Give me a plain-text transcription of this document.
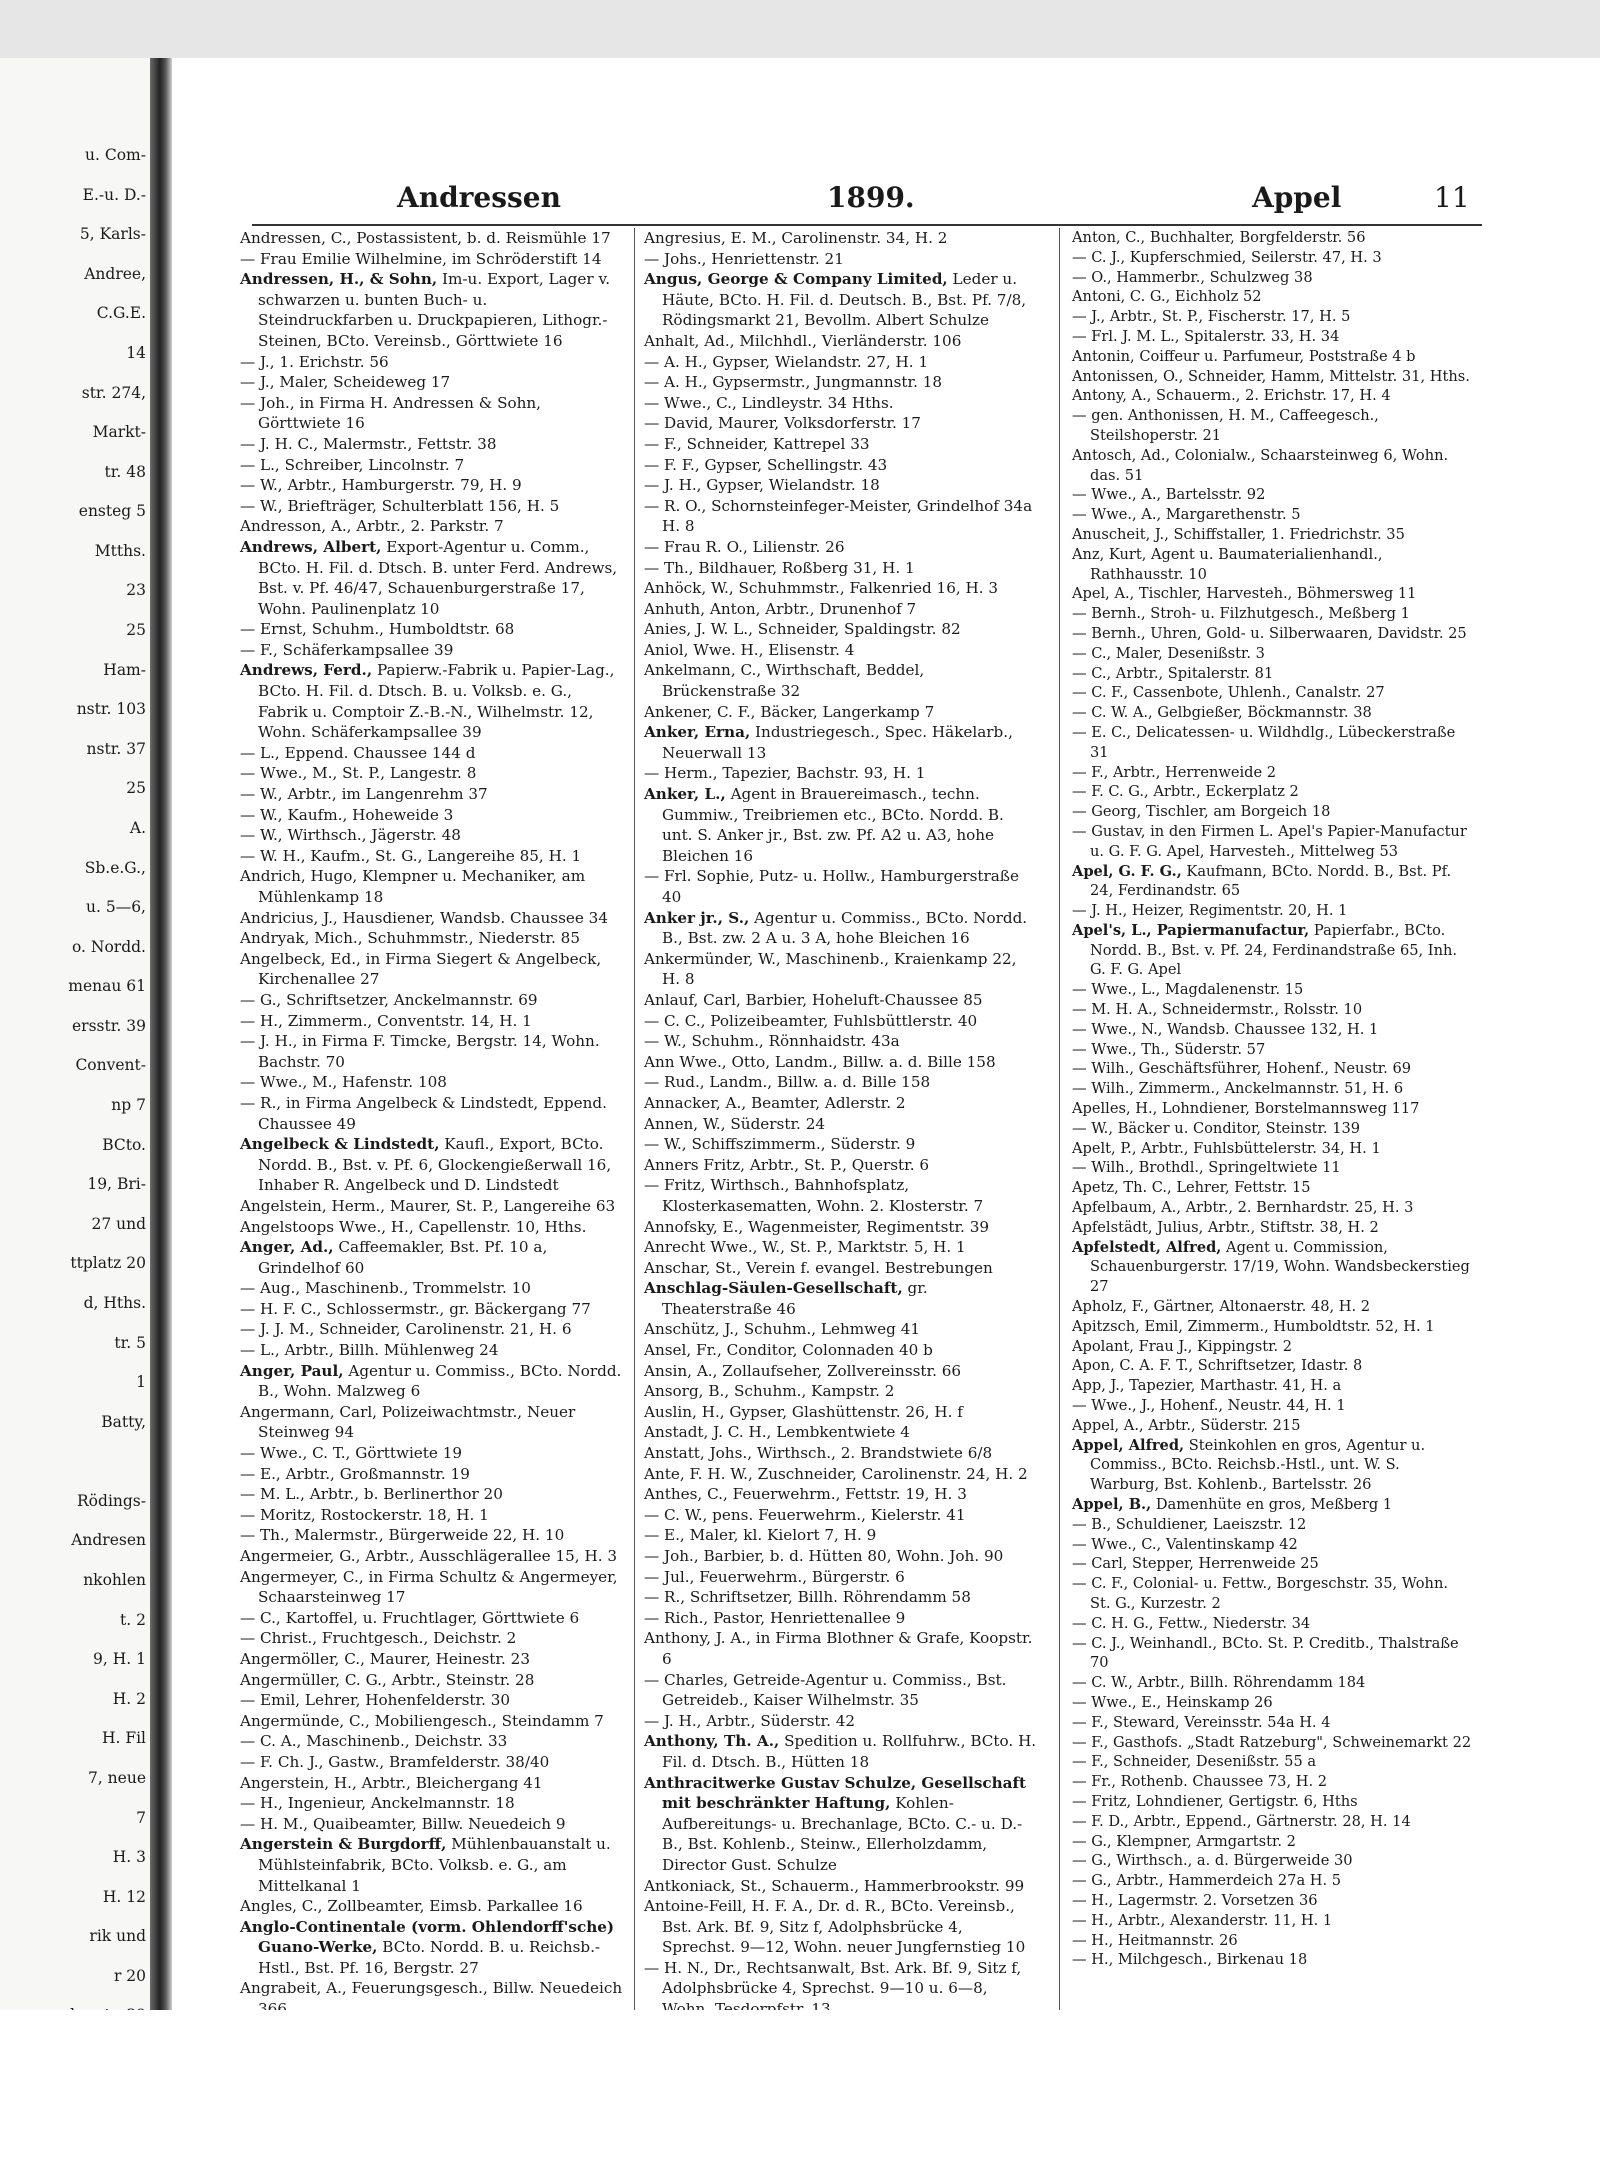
u. Com-
E.-u. D.-
5, Karls-
Andree,
C.G.E.
14
str. 274,
Markt-
tr. 48
ensteg 5
Mtths.
23
25
Ham-
nstr. 103
nstr. 37
25
A.
Sb.e.G.,
u. 5—6,
o. Nordd.
menau 61
ersstr. 39
Convent-
np 7
BCto.
19, Bri-
27 und
ttplatz 20
d, Hths.
tr. 5
1
Batty,
Rödings-
Andresen
nkohlen
t. 2
9, H. 1
H. 2
H. Fil
7, neue
7
H. 3
H. 12
rik und
r 20
Andressen	1899.	Appel	11

Andressen, C., Postassistent, b. d. Reismühle 17

— Frau Emilie Wilhelmine, im Schröderstift 14

Andressen, H., & Sohn, Im-u. Export, Lager v. schwarzen u. bunten Buch- u. Steindruckfarben u. Druckpapieren, Lithogr.-Steinen, BCto. Vereinsb., Görttwiete 16

— J., 1. Erichstr. 56

— J., Maler, Scheideweg 17

— Joh., in Firma H. Andressen & Sohn, Görttwiete 16

— J. H. C., Malermstr., Fettstr. 38

— L., Schreiber, Lincolnstr. 7

— W., Arbtr., Hamburgerstr. 79, H. 9

— W., Briefträger, Schulterblatt 156, H. 5

Andresson, A., Arbtr., 2. Parkstr. 7

Andrews, Albert, Export-Agentur u. Comm., BCto. H. Fil. d. Dtsch. B. unter Ferd. Andrews, Bst. v. Pf. 46/47, Schauenburgerstraße 17, Wohn. Paulinenplatz 10

— Ernst, Schuhm., Humboldtstr. 68

— F., Schäferkampsallee 39

Andrews, Ferd., Papierw.-Fabrik u. Papier-Lag., BCto. H. Fil. d. Dtsch. B. u. Volksb. e. G., Fabrik u. Comptoir Z.-B.-N., Wilhelmstr. 12, Wohn. Schäferkampsallee 39

— L., Eppend. Chaussee 144 d

— Wwe., M., St. P., Langestr. 8

— W., Arbtr., im Langenrehm 37

— W., Kaufm., Hoheweide 3

— W., Wirthsch., Jägerstr. 48

— W. H., Kaufm., St. G., Langereihe 85, H. 1

Andrich, Hugo, Klempner u. Mechaniker, am Mühlenkamp 18

Andricius, J., Hausdiener, Wandsb. Chaussee 34

Andryak, Mich., Schuhmmstr., Niederstr. 85

Angelbeck, Ed., in Firma Siegert & Angelbeck, Kirchenallee 27

— G., Schriftsetzer, Anckelmannstr. 69

— H., Zimmerm., Conventstr. 14, H. 1

— J. H., in Firma F. Timcke, Bergstr. 14, Wohn. Bachstr. 70

— Wwe., M., Hafenstr. 108

— R., in Firma Angelbeck & Lindstedt, Eppend. Chaussee 49

Angelbeck & Lindstedt, Kaufl., Export, BCto. Nordd. B., Bst. v. Pf. 6, Glockengießerwall 16, Inhaber R. Angelbeck und D. Lindstedt

Angelstein, Herm., Maurer, St. P., Langereihe 63

Angelstoops Wwe., H., Capellenstr. 10, Hths.

Anger, Ad., Caffeemakler, Bst. Pf. 10 a, Grindelhof 60

— Aug., Maschinenb., Trommelstr. 10

— H. F. C., Schlossermstr., gr. Bäckergang 77

— J. J. M., Schneider, Carolinenstr. 21, H. 6

— L., Arbtr., Billh. Mühlenweg 24

Anger, Paul, Agentur u. Commiss., BCto. Nordd. B., Wohn. Malzweg 6

Angermann, Carl, Polizeiwachtmstr., Neuer Steinweg 94

— Wwe., C. T., Görttwiete 19

— E., Arbtr., Großmannstr. 19

— M. L., Arbtr., b. Berlinerthor 20

— Moritz, Rostockerstr. 18, H. 1

— Th., Malermstr., Bürgerweide 22, H. 10

Angermeier, G., Arbtr., Ausschlägerallee 15, H. 3

Angermeyer, C., in Firma Schultz & Angermeyer, Schaarsteinweg 17

— C., Kartoffel, u. Fruchtlager, Görttwiete 6

— Christ., Fruchtgesch., Deichstr. 2

Angermöller, C., Maurer, Heinestr. 23

Angermüller, C. G., Arbtr., Steinstr. 28

— Emil, Lehrer, Hohenfelderstr. 30

Angermünde, C., Mobiliengesch., Steindamm 7

— C. A., Maschinenb., Deichstr. 33

— F. Ch. J., Gastw., Bramfelderstr. 38/40

Angerstein, H., Arbtr., Bleichergang 41

— H., Ingenieur, Anckelmannstr. 18

— H. M., Quaibeamter, Billw. Neuedeich 9

Angerstein & Burgdorff, Mühlenbauanstalt u. Mühlsteinfabrik, BCto. Volksb. e. G., am Mittelkanal 1

Angles, C., Zollbeamter, Eimsb. Parkallee 16

Anglo-Continentale (vorm. Ohlendorff'sche) Guano-Werke, BCto. Nordd. B. u. Reichsb.-Hstl., Bst. Pf. 16, Bergstr. 27

Angrabeit, A., Feuerungsgesch., Billw. Neuedeich

Angresius, E. M., Carolinenstr. 34, H. 2

— Johs., Henriettenstr. 21

Angus, George & Company Limited, Leder u. Häute, BCto. H. Fil. d. Deutsch. B., Bst. Pf. 7/8, Rödingsmarkt 21, Bevollm. Albert Schulze

Anhalt, Ad., Milchhdl., Vierländerstr. 106

— A. H., Gypser, Wielandstr. 27, H. 1

— A. H., Gypsermstr., Jungmannstr. 18

— Wwe., C., Lindleystr. 34 Hths.

— David, Maurer, Volksdorferstr. 17

— F., Schneider, Kattrepel 33

— F. F., Gypser, Schellingstr. 43

— J. H., Gypser, Wielandstr. 18

— R. O., Schornsteinfeger-Meister, Grindelhof 34a H. 8

— Frau R. O., Lilienstr. 26

— Th., Bildhauer, Roßberg 31, H. 1

Anhöck, W., Schuhmmstr., Falkenried 16, H. 3

Anhuth, Anton, Arbtr., Drunenhof 7

Anies, J. W. L., Schneider, Spaldingstr. 82

Aniol, Wwe. H., Elisenstr. 4

Ankelmann, C., Wirthschaft, Beddel, Brückenstraße 32

Ankener, C. F., Bäcker, Langerkamp 7

Anker, Erna, Industriegesch., Spec. Häkelarb., Neuerwall 13

— Herm., Tapezier, Bachstr. 93, H. 1

Anker, L., Agent in Brauereimasch., techn. Gummiw., Treibriemen etc., BCto. Nordd. B. unt. S. Anker jr., Bst. zw. Pf. A2 u. A3, hohe Bleichen 16

— Frl. Sophie, Putz- u. Hollw., Hamburgerstraße 40

Anker jr., S., Agentur u. Commiss., BCto. Nordd. B., Bst. zw. 2 A u. 3 A, hohe Bleichen 16

Ankermünder, W., Maschinenb., Kraienkamp 22, H. 8

Anlauf, Carl, Barbier, Hoheluft-Chaussee 85

— C. C., Polizeibeamter, Fuhlsbüttlerstr. 40

— W., Schuhm., Rönnhaidstr. 43a

Ann Wwe., Otto, Landm., Billw. a. d. Bille 158

— Rud., Landm., Billw. a. d. Bille 158

Annacker, A., Beamter, Adlerstr. 2

Annen, W., Süderstr. 24

— W., Schiffszimmerm., Süderstr. 9

Anners Fritz, Arbtr., St. P., Querstr. 6

— Fritz, Wirthsch., Bahnhofsplatz, Klosterkasematten, Wohn. 2. Klosterstr. 7

Annofsky, E., Wagenmeister, Regimentstr. 39

Anrecht Wwe., W., St. P., Marktstr. 5, H. 1

Anschar, St., Verein f. evangel. Bestrebungen

Anschlag-Säulen-Gesellschaft, gr. Theaterstraße 46

Anschütz, J., Schuhm., Lehmweg 41

Ansel, Fr., Conditor, Colonnaden 40 b

Ansin, A., Zollaufseher, Zollvereinsstr. 66

Ansorg, B., Schuhm., Kampstr. 2

Auslin, H., Gypser, Glashüttenstr. 26, H. f

Anstadt, J. C. H., Lembkentwiete 4

Anstatt, Johs., Wirthsch., 2. Brandstwiete 6/8

Ante, F. H. W., Zuschneider, Carolinenstr. 24, H. 2

Anthes, C., Feuerwehrm., Fettstr. 19, H. 3

— C. W., pens. Feuerwehrm., Kielerstr. 41

— E., Maler, kl. Kielort 7, H. 9

— Joh., Barbier, b. d. Hütten 80, Wohn. Joh. 90

— Jul., Feuerwehrm., Bürgerstr. 6

— R., Schriftsetzer, Billh. Röhrendamm 58

— Rich., Pastor, Henriettenallee 9

Anthony, J. A., in Firma Blothner & Grafe, Koopstr. 6

— Charles, Getreide-Agentur u. Commiss., Bst. Getreideb., Kaiser Wilhelmstr. 35

— J. H., Arbtr., Süderstr. 42

Anthony, Th. A., Spedition u. Rollfuhrw., BCto. H. Fil. d. Dtsch. B., Hütten 18

Anthracitwerke Gustav Schulze, Gesellschaft mit beschränkter Haftung, Kohlen-Aufbereitungs- u. Brechanlage, BCto. C.- u. D.-B., Bst. Kohlenb., Steinw., Ellerholzdamm, Director Gust. Schulze

Antkoniack, St., Schauerm., Hammerbrookstr. 99

Antoine-Feill, H. F. A., Dr. d. R., BCto. Vereinsb., Bst. Ark. Bf. 9, Sitz f, Adolphsbrücke 4, Sprechst. 9—12, Wohn. neuer Jungfernstieg 10

— H. N., Dr., Rechtsanwalt, Bst. Ark. Bf. 9, Sitz f, Adolphsbrücke 4, Sprechst. 9—10 u. 6—8,

Anton, C., Buchhalter, Borgfelderstr. 56

— C. J., Kupferschmied, Seilerstr. 47, H. 3

— O., Hammerbr., Schulzweg 38

Antoni, C. G., Eichholz 52

— J., Arbtr., St. P., Fischerstr. 17, H. 5

— Frl. J. M. L., Spitalerstr. 33, H. 34

Antonin, Coiffeur u. Parfumeur, Poststraße 4 b

Antonissen, O., Schneider, Hamm, Mittelstr. 31, Hths.

Antony, A., Schauerm., 2. Erichstr. 17, H. 4

— gen. Anthonissen, H. M., Caffeegesch., Steilshoperstr. 21

Antosch, Ad., Colonialw., Schaarsteinweg 6, Wohn. das. 51

— Wwe., A., Bartelsstr. 92

— Wwe., A., Margarethenstr. 5

Anuscheit, J., Schiffstaller, 1. Friedrichstr. 35

Anz, Kurt, Agent u. Baumaterialienhandl., Rathhausstr. 10

Apel, A., Tischler, Harvesteh., Böhmersweg 11

— Bernh., Stroh- u. Filzhutgesch., Meßberg 1

— Bernh., Uhren, Gold- u. Silberwaaren, Davidstr. 25

— C., Maler, Desenißstr. 3

— C., Arbtr., Spitalerstr. 81

— C. F., Cassenbote, Uhlenh., Canalstr. 27

— C. W. A., Gelbgießer, Böckmannstr. 38

— E. C., Delicatessen- u. Wildhdlg., Lübeckerstraße 31

— F., Arbtr., Herrenweide 2

— F. C. G., Arbtr., Eckerplatz 2

— Georg, Tischler, am Borgeich 18

— Gustav, in den Firmen L. Apel's Papier-Manufactur u. G. F. G. Apel, Harvesteh., Mittelweg 53

Apel, G. F. G., Kaufmann, BCto. Nordd. B., Bst. Pf. 24, Ferdinandstr. 65

— J. H., Heizer, Regimentstr. 20, H. 1

Apel's, L., Papiermanufactur, Papierfabr., BCto. Nordd. B., Bst. v. Pf. 24, Ferdinandstraße 65, Inh. G. F. G. Apel

— Wwe., L., Magdalenenstr. 15

— M. H. A., Schneidermstr., Rolsstr. 10

— Wwe., N., Wandsb. Chaussee 132, H. 1

— Wwe., Th., Süderstr. 57

— Wilh., Geschäftsführer, Hohenf., Neustr. 69

— Wilh., Zimmerm., Anckelmannstr. 51, H. 6

Apelles, H., Lohndiener, Borstelmannsweg 117

— W., Bäcker u. Conditor, Steinstr. 139

Apelt, P., Arbtr., Fuhlsbüttelerstr. 34, H. 1

— Wilh., Brothdl., Springeltwiete 11

Apetz, Th. C., Lehrer, Fettstr. 15

Apfelbaum, A., Arbtr., 2. Bernhardstr. 25, H. 3

Apfelstädt, Julius, Arbtr., Stiftstr. 38, H. 2

Apfelstedt, Alfred, Agent u. Commission, Schauenburgerstr. 17/19, Wohn. Wandsbeckerstieg 27

Apholz, F., Gärtner, Altonaerstr. 48, H. 2

Apitzsch, Emil, Zimmerm., Humboldtstr. 52, H. 1

Apolant, Frau J., Kippingstr. 2

Apon, C. A. F. T., Schriftsetzer, Idastr. 8

App, J., Tapezier, Marthastr. 41, H. a

— Wwe., J., Hohenf., Neustr. 44, H. 1

Appel, A., Arbtr., Süderstr. 215

Appel, Alfred, Steinkohlen en gros, Agentur u. Commiss., BCto. Reichsb.-Hstl., unt. W. S. Warburg, Bst. Kohlenb., Bartelsstr. 26

Appel, B., Damenhüte en gros, Meßberg 1

— B., Schuldiener, Laeiszstr. 12

— Wwe., C., Valentinskamp 42

— Carl, Stepper, Herrenweide 25

— C. F., Colonial- u. Fettw., Borgeschstr. 35, Wohn. St. G., Kurzestr. 2

— C. H. G., Fettw., Niederstr. 34

— C. J., Weinhandl., BCto. St. P. Creditb., Thalstraße 70

— C. W., Arbtr., Billh. Röhrendamm 184

— Wwe., E., Heinskamp 26

— F., Steward, Vereinsstr. 54a H. 4

— F., Gasthofs. „Stadt Ratzeburg", Schweinemarkt 22

— F., Schneider, Desenißstr. 55 a

— Fr., Rothenb. Chaussee 73, H. 2

— Fritz, Lohndiener, Gertigstr. 6, Hths

— F. D., Arbtr., Eppend., Gärtnerstr. 28, H. 14

— G., Klempner, Armgartstr. 2

— G., Wirthsch., a. d. Bürgerweide 30

— G., Arbtr., Hammerdeich 27a H. 5

— H., Lagermstr. 2. Vorsetzen 36

— H., Arbtr., Alexanderstr. 11, H. 1

— H., Heitmannstr. 26

— H., Milchgesch., Birkenau 18
